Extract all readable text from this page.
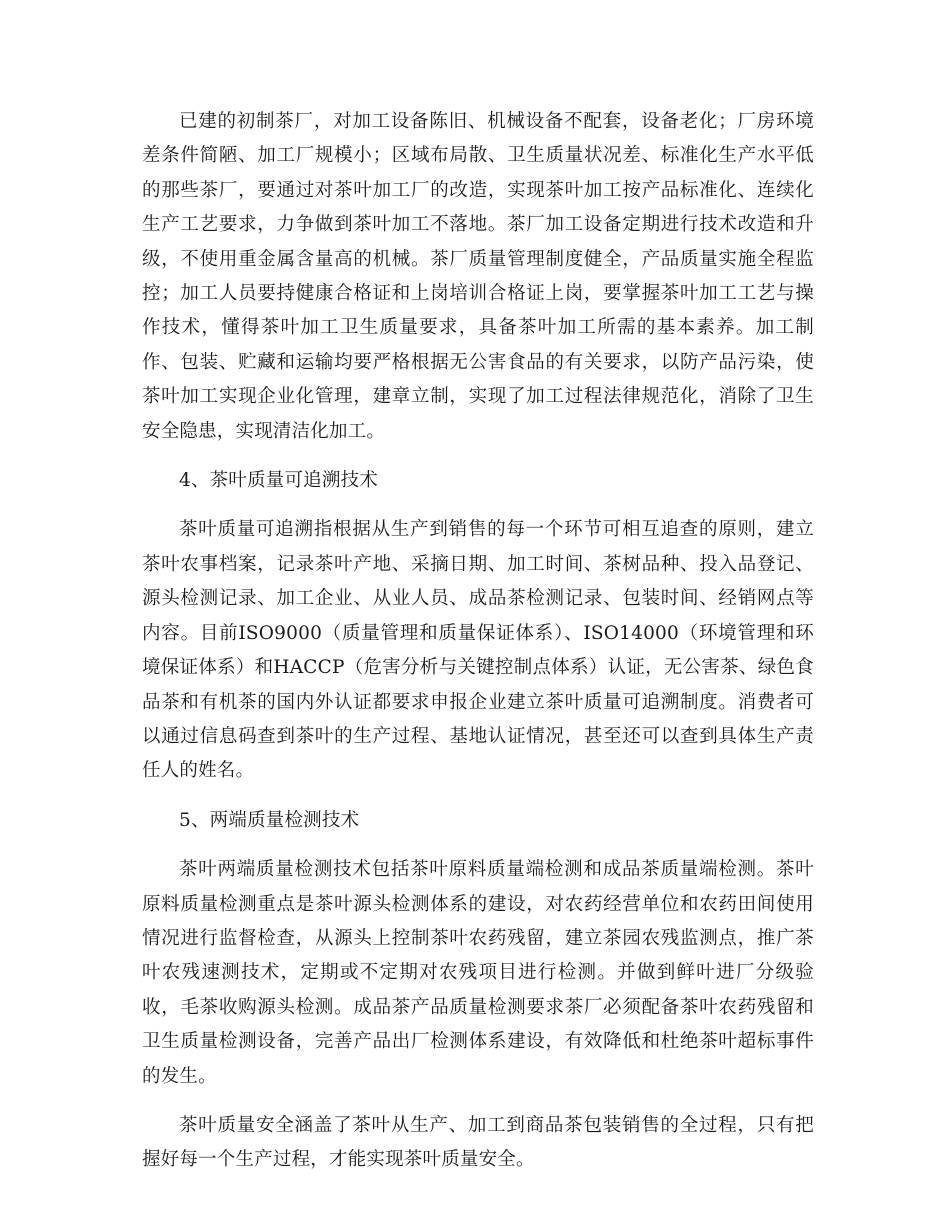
已建的初制茶厂，对加工设备陈旧、机械设备不配套，设备老化；厂房环境差条件简陋、加工厂规模小；区域布局散、卫生质量状况差、标准化生产水平低的那些茶厂，要通过对茶叶加工厂的改造，实现茶叶加工按产品标准化、连续化生产工艺要求，力争做到茶叶加工不落地。茶厂加工设备定期进行技术改造和升级，不使用重金属含量高的机械。茶厂质量管理制度健全，产品质量实施全程监控；加工人员要持健康合格证和上岗培训合格证上岗，要掌握茶叶加工工艺与操作技术，懂得茶叶加工卫生质量要求，具备茶叶加工所需的基本素养。加工制作、包装、贮藏和运输均要严格根据无公害食品的有关要求，以防产品污染，使茶叶加工实现企业化管理，建章立制，实现了加工过程法律规范化，消除了卫生安全隐患，实现清洁化加工。

4、茶叶质量可追溯技术

茶叶质量可追溯指根据从生产到销售的每一个环节可相互追查的原则，建立茶叶农事档案，记录茶叶产地、采摘日期、加工时间、茶树品种、投入品登记、源头检测记录、加工企业、从业人员、成品茶检测记录、包装时间、经销网点等内容。目前ISO9000（质量管理和质量保证体系）、ISO14000（环境管理和环境保证体系）和HACCP（危害分析与关键控制点体系）认证，无公害茶、绿色食品茶和有机茶的国内外认证都要求申报企业建立茶叶质量可追溯制度。消费者可以通过信息码查到茶叶的生产过程、基地认证情况，甚至还可以查到具体生产责任人的姓名。

5、两端质量检测技术

茶叶两端质量检测技术包括茶叶原料质量端检测和成品茶质量端检测。茶叶原料质量检测重点是茶叶源头检测体系的建设，对农药经营单位和农药田间使用情况进行监督检查，从源头上控制茶叶农药残留，建立茶园农残监测点，推广茶叶农残速测技术，定期或不定期对农残项目进行检测。并做到鲜叶进厂分级验收，毛茶收购源头检测。成品茶产品质量检测要求茶厂必须配备茶叶农药残留和卫生质量检测设备，完善产品出厂检测体系建设，有效降低和杜绝茶叶超标事件的发生。

茶叶质量安全涵盖了茶叶从生产、加工到商品茶包装销售的全过程，只有把握好每一个生产过程，才能实现茶叶质量安全。
